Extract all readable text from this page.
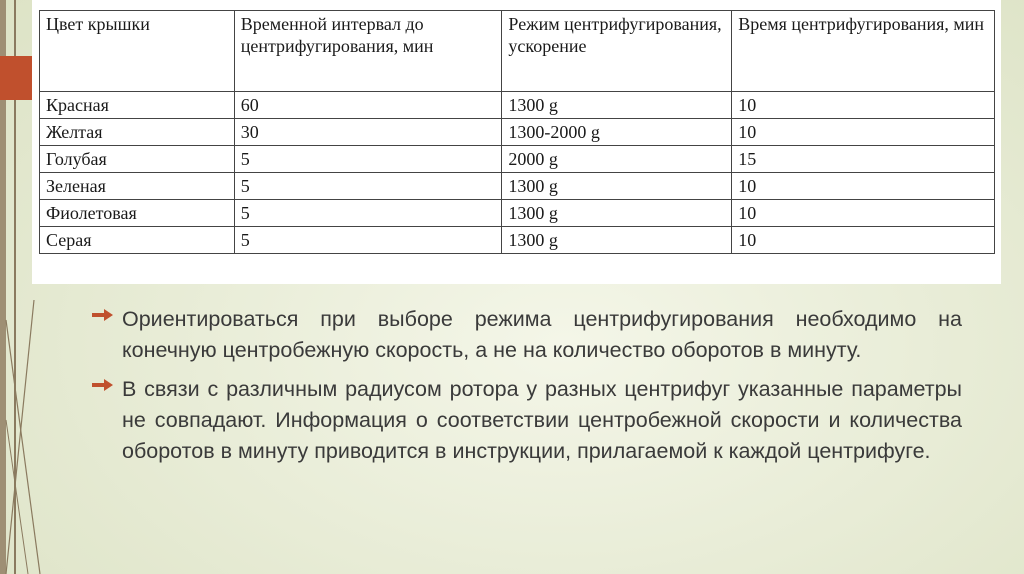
Цвет крышки	Временной интервал до центрифугирования, мин	Режим центрифугирования, ускорение	Время центрифугирования, мин
Красная	60	1300 g	10
Желтая	30	1300-2000 g	10
Голубая	5	2000 g	15
Зеленая	5	1300 g	10
Фиолетовая	5	1300 g	10
Серая	5	1300 g	10
Ориентироваться при выборе режима центрифугирования необходимо на конечную центробежную скорость, а не на количество оборотов в минуту.
В связи с различным радиусом ротора у разных центрифуг указанные параметры не совпадают. Информация о соответствии центробежной скорости и количества оборотов в минуту приводится в инструкции, прилагаемой к каждой центрифуге.
